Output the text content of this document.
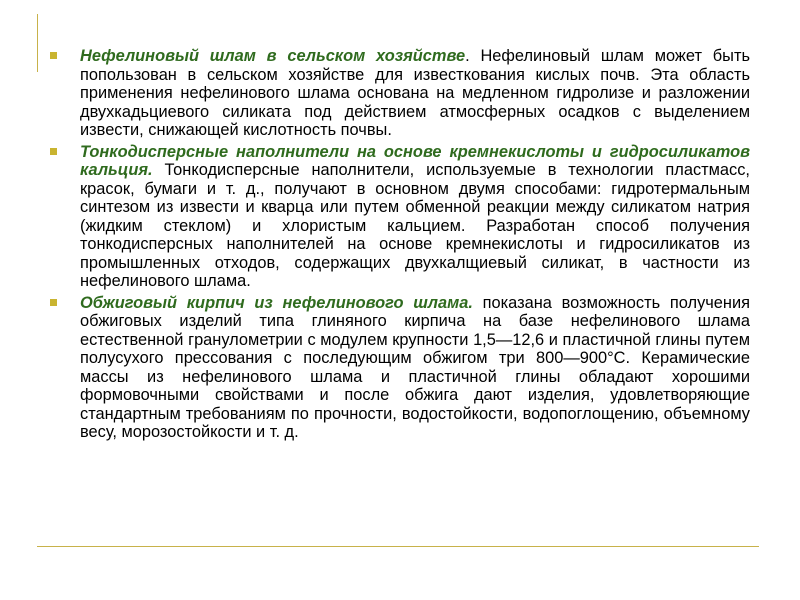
Нефелиновый шлам в сельском хозяйстве. Нефелиновый шлам может быть попользован в сельском хозяйстве для известкования кислых почв. Эта область применения нефелинового шлама основана на медленном гидролизе и разложении двухкадьциевого силиката под действием атмосферных осадков с выделением извести, снижающей кислотность почвы.
Тонкодисперсные наполнители на основе кремнекислоты и гидросиликатов кальция. Тонкодисперсные наполнители, используемые в технологии пластмасс, красок, бумаги и т. д., получают в основном двумя способами: гидротермальным синтезом из извести и кварца или путем обменной реакции между силикатом натрия (жидким стеклом) и хлористым кальцием. Разработан способ получения тонкодисперсных наполнителей на основе кремнекислоты и гидросиликатов из промышленных отходов, содержащих двухкалщиевый силикат, в частности из нефелинового шлама.
Обжиговый кирпич из нефелинового шлама. показана возможность получения обжиговых изделий типа глиняного кирпича на базе нефелинового шлама естественной гранулометрии с модулем крупности 1,5—12,6 и пластичной глины путем полусухого прессования с последующим обжигом три 800—900°С. Керамические массы из нефелинового шлама и пластичной глины обладают хорошими формовочными свойствами и после обжига дают изделия, удовлетворяющие стандартным требованиям по прочности, водостойкости, водопоглощению, объемному весу, морозостойкости и т. д.
